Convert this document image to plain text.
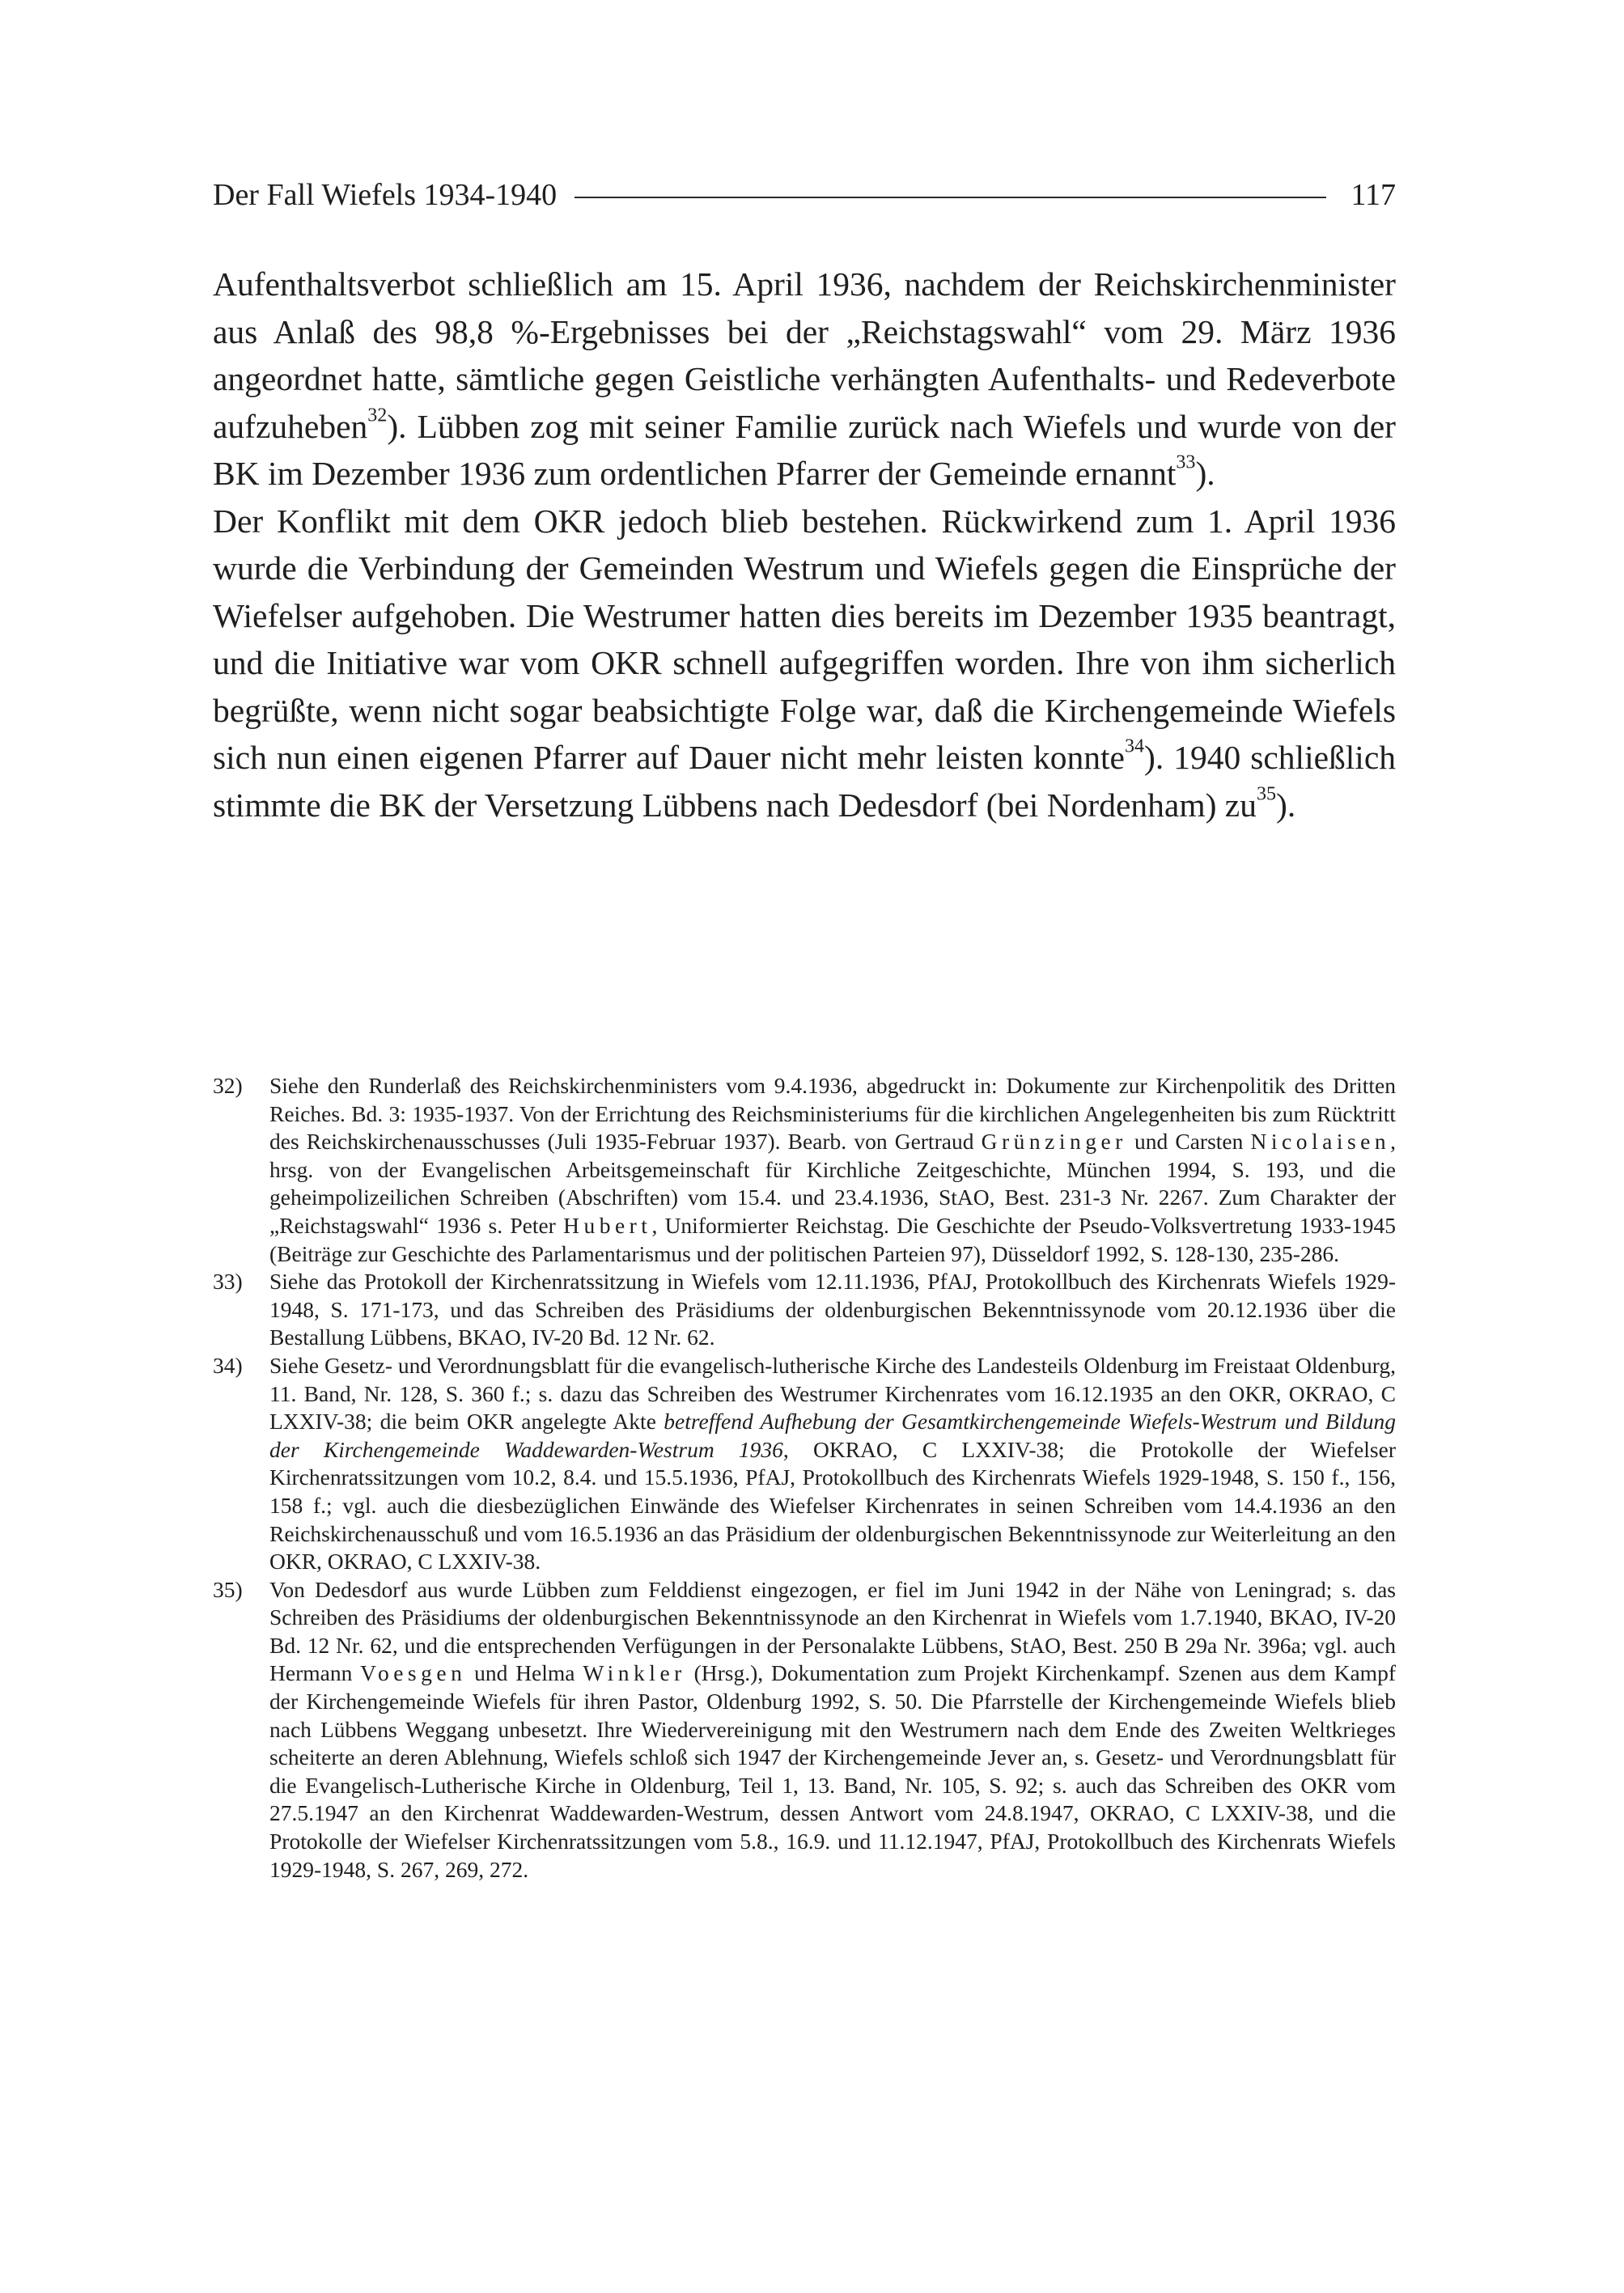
Der Fall Wiefels 1934-1940	117

Aufenthaltsverbot schließlich am 15. April 1936, nachdem der Reichskirchenminister aus Anlaß des 98,8 %-Ergebnisses bei der „Reichstagswahl“ vom 29. März 1936 angeordnet hatte, sämtliche gegen Geistliche verhängten Aufenthalts- und Redeverbote aufzuheben$^{32}$). Lübben zog mit seiner Familie zurück nach Wiefels und wurde von der BK im Dezember 1936 zum ordentlichen Pfarrer der Gemeinde ernannt$^{33}$).

Der Konflikt mit dem OKR jedoch blieb bestehen. Rückwirkend zum 1. April 1936 wurde die Verbindung der Gemeinden Westrum und Wiefels gegen die Einsprüche der Wiefelser aufgehoben. Die Westrumer hatten dies bereits im Dezember 1935 beantragt, und die Initiative war vom OKR schnell aufgegriffen worden. Ihre von ihm sicherlich begrüßte, wenn nicht sogar beabsichtigte Folge war, daß die Kirchengemeinde Wiefels sich nun einen eigenen Pfarrer auf Dauer nicht mehr leisten konnte$^{34}$). 1940 schließlich stimmte die BK der Versetzung Lübbens nach Dedesdorf (bei Nordenham) $zu^{35}$).

32)	Siehe den Runderlaß des Reichskirchenministers vom 9.4.1936, abgedruckt in: Dokumente zur Kirchenpolitik des Dritten Reiches. Bd. 3: 1935-1937. Von der Errichtung des Reichsministeriums für die kirchlichen Angelegenheiten bis zum Rücktritt des Reichskirchenausschusses (Juli 1935-Februar 1937). Bearb. von Gertraud Grünzinger und Carsten Nicolaisen, hrsg. von der Evangelischen Arbeitsgemeinschaft für Kirchliche Zeitgeschichte, München 1994, S. 193, und die geheimpolizeilichen Schreiben (Abschriften) vom 15.4. und 23.4.1936, StAO, Best. 231-3 Nr. 2267. Zum Charakter der „Reichstagswahl“ 1936 s. Peter Hubert, Uniformierter Reichstag. Die Geschichte der Pseudo-Volksvertretung 1933-1945 (Beiträge zur Geschichte des Parlamentarismus und der politischen Parteien 97), Düsseldorf 1992, S. 128-130, 235-286.
33)	Siehe das Protokoll der Kirchenratssitzung in Wiefels vom 12.11.1936, PfAJ, Protokollbuch des Kirchenrats Wiefels 1929-1948, S. 171-173, und das Schreiben des Präsidiums der oldenburgischen Bekenntnissynode vom 20.12.1936 über die Bestallung Lübbens, BKAO, IV-20 Bd. 12 Nr. 62.
34)	Siehe Gesetz- und Verordnungsblatt für die evangelisch-lutherische Kirche des Landesteils Oldenburg im Freistaat Oldenburg, 11. Band, Nr. 128, S. 360 f.; s. dazu das Schreiben des Westrumer Kirchenrates vom 16.12.1935 an den OKR, OKRAO, C LXXIV-38; die beim OKR angelegte Akte betreffend Aufhebung der Gesamtkirchengemeinde Wiefels-Westrum und Bildung der Kirchengemeinde Waddewarden-Westrum 1936, OKRAO, C LXXIV-38; die Protokolle der Wiefelser Kirchenratssitzungen vom 10.2, 8.4. und 15.5.1936, PfAJ, Protokollbuch des Kirchenrats Wiefels 1929-1948, S. 150 f., 156, 158 f.; vgl. auch die diesbezüglichen Einwände des Wiefelser Kirchenrates in seinen Schreiben vom 14.4.1936 an den Reichskirchenausschuß und vom 16.5.1936 an das Präsidium der oldenburgischen Bekenntnissynode zur Weiterleitung an den OKR, OKRAO, C LXXIV-38.
35)	Von Dedesdorf aus wurde Lübben zum Felddienst eingezogen, er fiel im Juni 1942 in der Nähe von Leningrad; s. das Schreiben des Präsidiums der oldenburgischen Bekenntnissynode an den Kirchenrat in Wiefels vom 1.7.1940, BKAO, IV-20 Bd. 12 Nr. 62, und die entsprechenden Verfügungen in der Personalakte Lübbens, StAO, Best. 250 B 29a Nr. 396a; vgl. auch Hermann Voesgen und Helma Winkler (Hrsg.), Dokumentation zum Projekt Kirchenkampf. Szenen aus dem Kampf der Kirchengemeinde Wiefels für ihren Pastor, Oldenburg 1992, S. 50. Die Pfarrstelle der Kirchengemeinde Wiefels blieb nach Lübbens Weggang unbesetzt. Ihre Wiedervereinigung mit den Westrumern nach dem Ende des Zweiten Weltkrieges scheiterte an deren Ablehnung, Wiefels schloß sich 1947 der Kirchengemeinde Jever an, s. Gesetz- und Verordnungsblatt für die Evangelisch-Lutherische Kirche in Oldenburg, Teil 1, 13. Band, Nr. 105, S. 92; s. auch das Schreiben des OKR vom 27.5.1947 an den Kirchenrat Waddewarden-Westrum, dessen Antwort vom 24.8.1947, OKRAO, C LXXIV-38, und die Protokolle der Wiefelser Kirchenratssitzungen vom 5.8., 16.9. und 11.12.1947, PfAJ, Protokollbuch des Kirchenrats Wiefels 1929-1948, S. 267, 269, 272.
